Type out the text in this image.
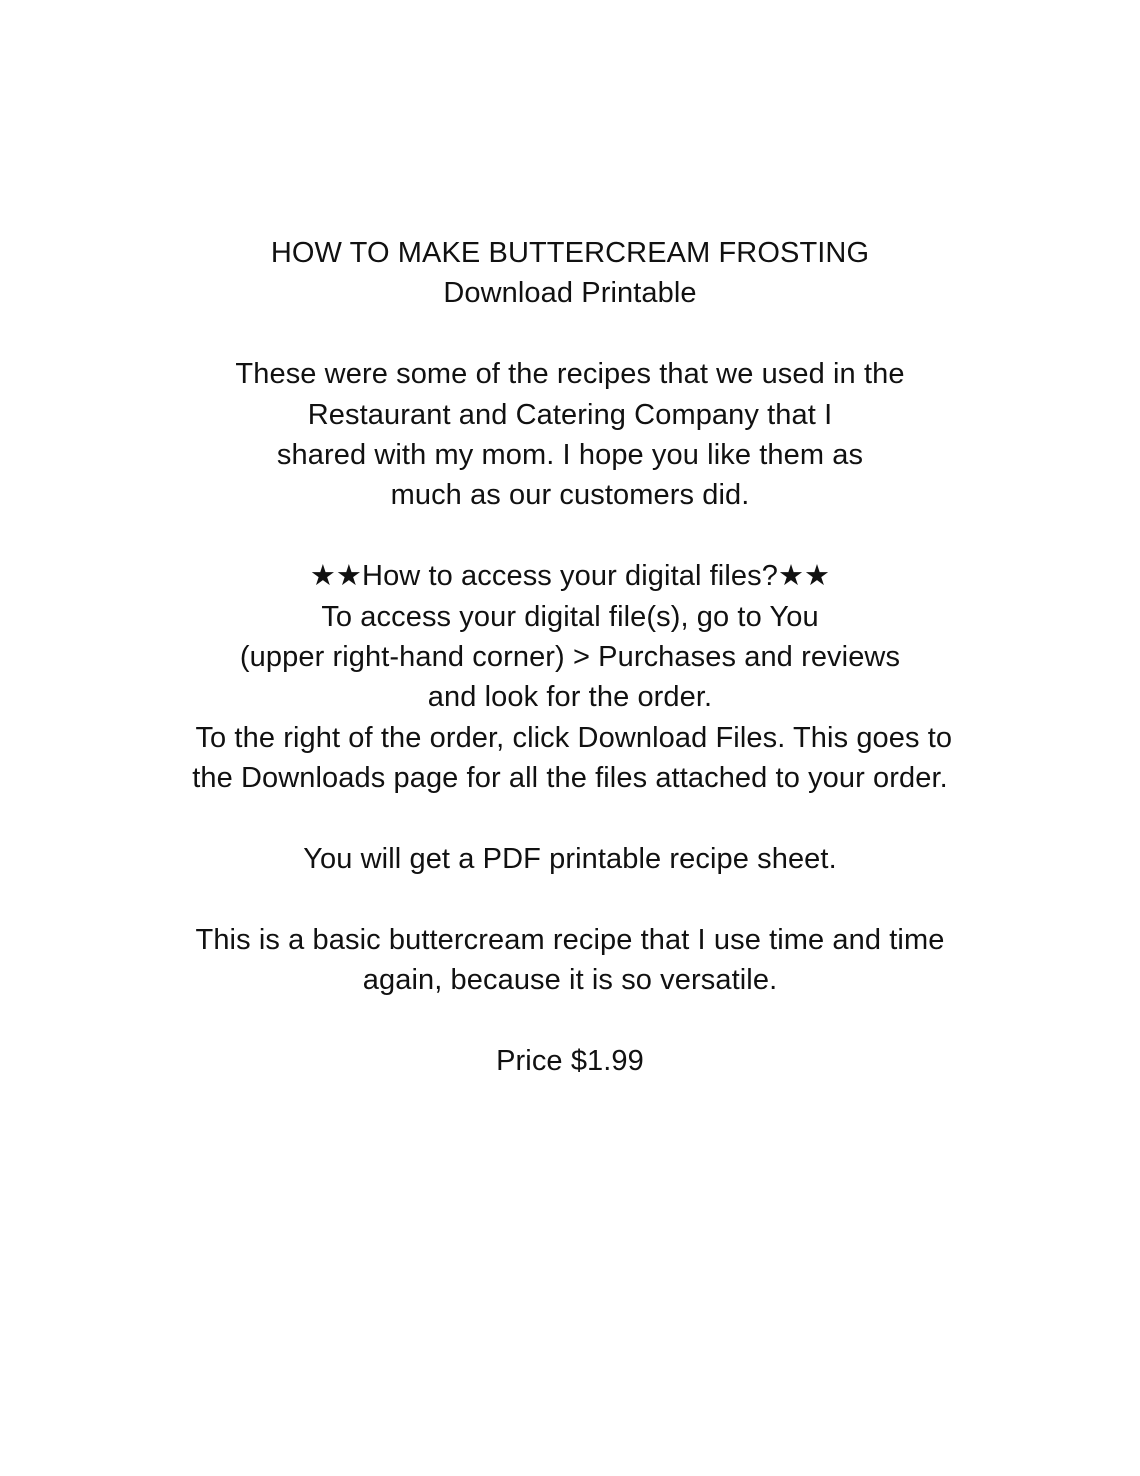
HOW TO MAKE BUTTERCREAM FROSTING
Download Printable
These were some of the recipes that we used in the
Restaurant and Catering Company that I
shared with my mom. I hope you like them as
much as our customers did.
★★How to access your digital files?★★
To access your digital file(s), go to You
(upper right-hand corner) > Purchases and reviews
and look for the order.
To the right of the order, click Download Files. This goes to
the Downloads page for all the files attached to your order.
You will get a PDF printable recipe sheet.
This is a basic buttercream recipe that I use time and time
again, because it is so versatile.
Price $1.99
